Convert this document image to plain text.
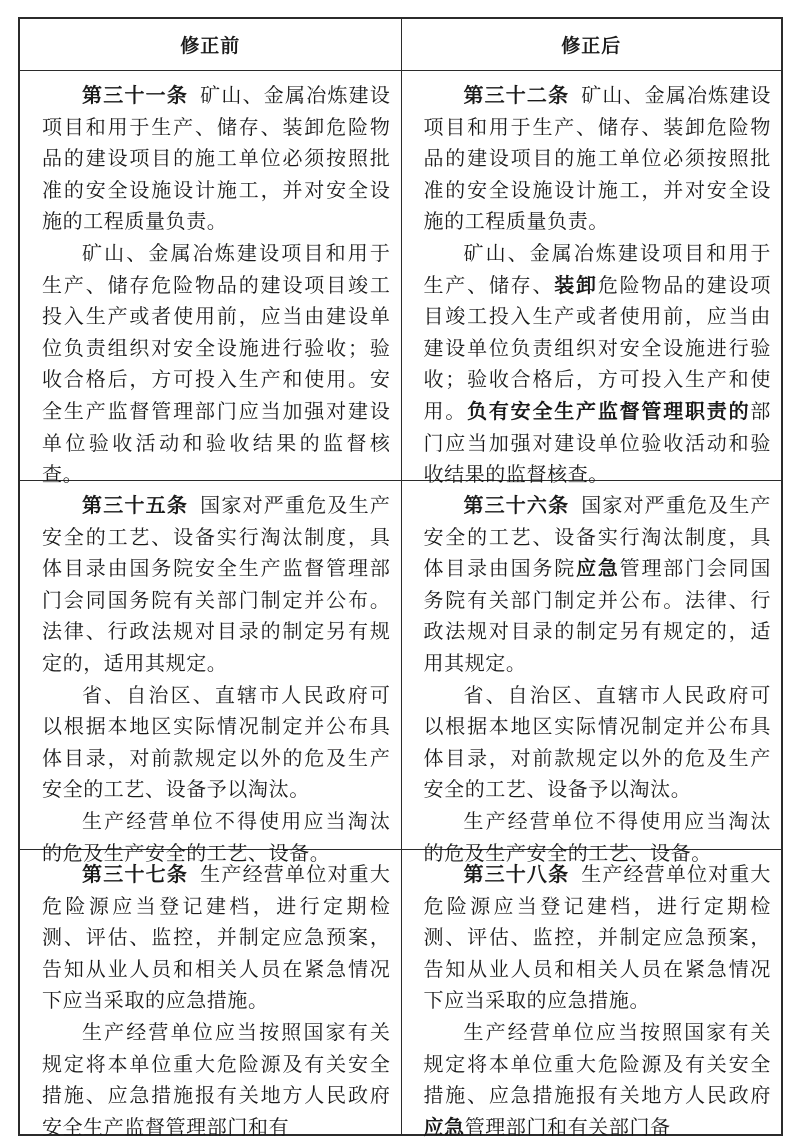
修正前	修正后

第三十一条 矿山、金属冶炼建设项目和用于生产、储存、装卸危险物品的建设项目的施工单位必须按照批准的安全设施设计施工，并对安全设施的工程质量负责。

矿山、金属冶炼建设项目和用于生产、储存危险物品的建设项目竣工投入生产或者使用前，应当由建设单位负责组织对安全设施进行验收；验收合格后，方可投入生产和使用。安全生产监督管理部门应当加强对建设单位验收活动和验收结果的监督核查。

第三十二条 矿山、金属冶炼建设项目和用于生产、储存、装卸危险物品的建设项目的施工单位必须按照批准的安全设施设计施工，并对安全设施的工程质量负责。

矿山、金属冶炼建设项目和用于生产、储存、装卸危险物品的建设项目竣工投入生产或者使用前，应当由建设单位负责组织对安全设施进行验收；验收合格后，方可投入生产和使用。负有安全生产监督管理职责的部门应当加强对建设单位验收活动和验收结果的监督核查。

第三十五条 国家对严重危及生产安全的工艺、设备实行淘汰制度，具体目录由国务院安全生产监督管理部门会同国务院有关部门制定并公布。法律、行政法规对目录的制定另有规定的，适用其规定。

省、自治区、直辖市人民政府可以根据本地区实际情况制定并公布具体目录，对前款规定以外的危及生产安全的工艺、设备予以淘汰。

生产经营单位不得使用应当淘汰的危及生产安全的工艺、设备。

第三十六条 国家对严重危及生产安全的工艺、设备实行淘汰制度，具体目录由国务院应急管理部门会同国务院有关部门制定并公布。法律、行政法规对目录的制定另有规定的，适用其规定。

省、自治区、直辖市人民政府可以根据本地区实际情况制定并公布具体目录，对前款规定以外的危及生产安全的工艺、设备予以淘汰。

生产经营单位不得使用应当淘汰的危及生产安全的工艺、设备。

第三十七条 生产经营单位对重大危险源应当登记建档，进行定期检测、评估、监控，并制定应急预案，告知从业人员和相关人员在紧急情况下应当采取的应急措施。

生产经营单位应当按照国家有关规定将本单位重大危险源及有关安全措施、应急措施报有关地方人民政府安全生产监督管理部门和有

第三十八条 生产经营单位对重大危险源应当登记建档，进行定期检测、评估、监控，并制定应急预案，告知从业人员和相关人员在紧急情况下应当采取的应急措施。

生产经营单位应当按照国家有关规定将本单位重大危险源及有关安全措施、应急措施报有关地方人民政府应急管理部门和有关部门备
